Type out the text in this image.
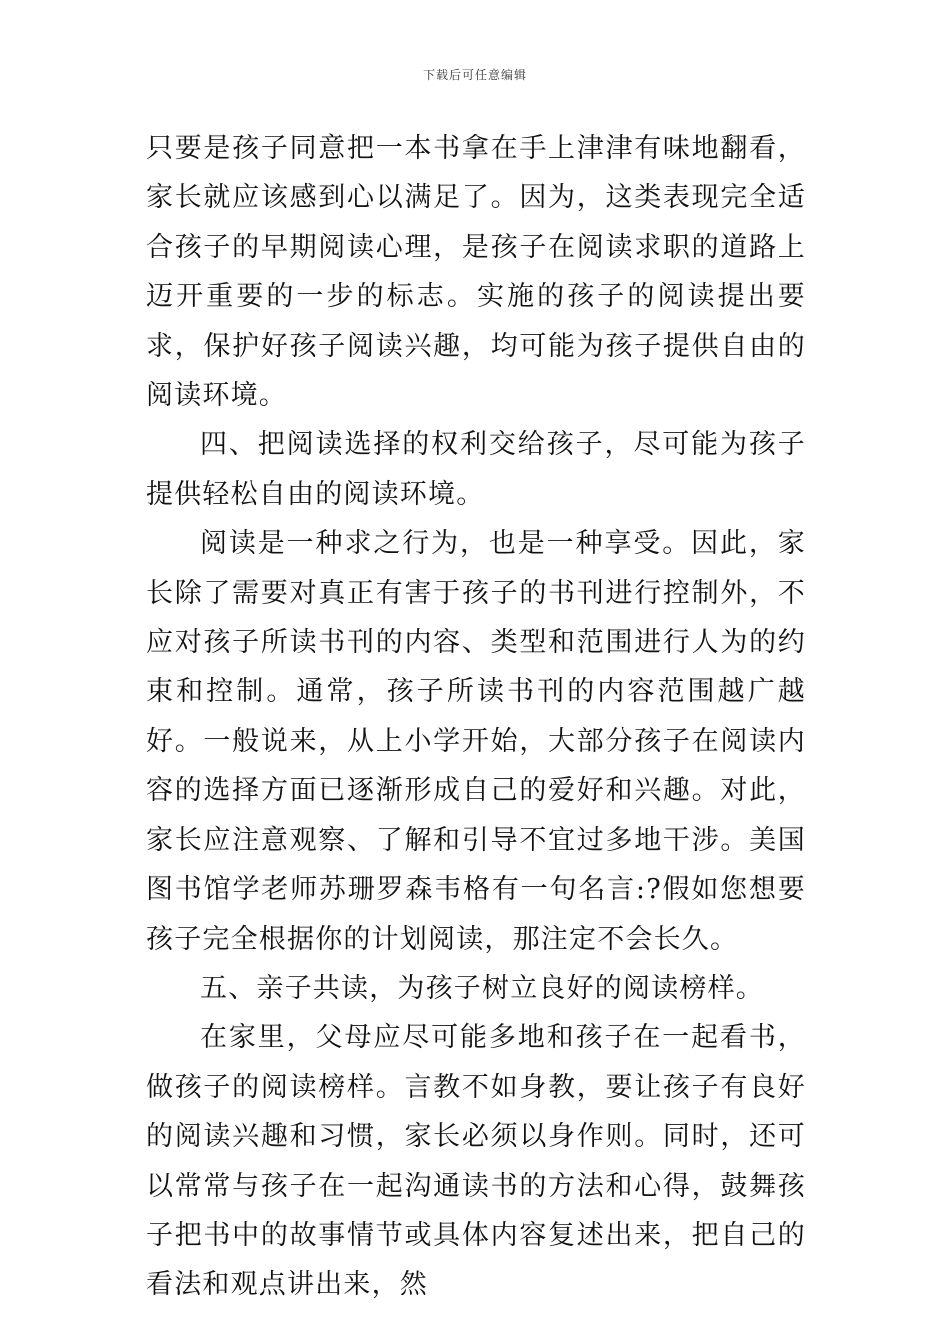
下载后可任意编辑

只要是孩子同意把一本书拿在手上津津有味地翻看，家长就应该感到心以满足了。因为，这类表现完全适合孩子的早期阅读心理，是孩子在阅读求职的道路上迈开重要的一步的标志。实施的孩子的阅读提出要求，保护好孩子阅读兴趣，均可能为孩子提供自由的阅读环境。

四、把阅读选择的权利交给孩子，尽可能为孩子提供轻松自由的阅读环境。

阅读是一种求之行为，也是一种享受。因此，家长除了需要对真正有害于孩子的书刊进行控制外，不应对孩子所读书刊的内容、类型和范围进行人为的约束和控制。通常，孩子所读书刊的内容范围越广越好。一般说来，从上小学开始，大部分孩子在阅读内容的选择方面已逐渐形成自己的爱好和兴趣。对此，家长应注意观察、了解和引导不宜过多地干涉。美国图书馆学老师苏珊罗森韦格有一句名言:?假如您想要孩子完全根据你的计划阅读，那注定不会长久。

五、亲子共读，为孩子树立良好的阅读榜样。

在家里，父母应尽可能多地和孩子在一起看书，做孩子的阅读榜样。言教不如身教，要让孩子有良好的阅读兴趣和习惯，家长必须以身作则。同时，还可以常常与孩子在一起沟通读书的方法和心得，鼓舞孩子把书中的故事情节或具体内容复述出来，把自己的看法和观点讲出来，然
